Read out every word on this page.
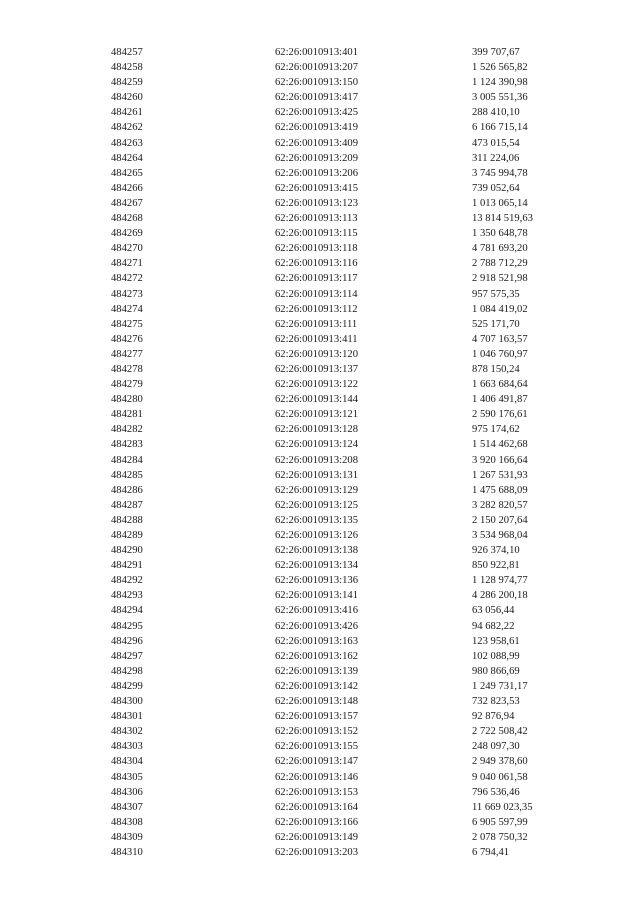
484257	62:26:0010913:401	399 707,67
484258	62:26:0010913:207	1 526 565,82
484259	62:26:0010913:150	1 124 390,98
484260	62:26:0010913:417	3 005 551,36
484261	62:26:0010913:425	288 410,10
484262	62:26:0010913:419	6 166 715,14
484263	62:26:0010913:409	473 015,54
484264	62:26:0010913:209	311 224,06
484265	62:26:0010913:206	3 745 994,78
484266	62:26:0010913:415	739 052,64
484267	62:26:0010913:123	1 013 065,14
484268	62:26:0010913:113	13 814 519,63
484269	62:26:0010913:115	1 350 648,78
484270	62:26:0010913:118	4 781 693,20
484271	62:26:0010913:116	2 788 712,29
484272	62:26:0010913:117	2 918 521,98
484273	62:26:0010913:114	957 575,35
484274	62:26:0010913:112	1 084 419,02
484275	62:26:0010913:111	525 171,70
484276	62:26:0010913:411	4 707 163,57
484277	62:26:0010913:120	1 046 760,97
484278	62:26:0010913:137	878 150,24
484279	62:26:0010913:122	1 663 684,64
484280	62:26:0010913:144	1 406 491,87
484281	62:26:0010913:121	2 590 176,61
484282	62:26:0010913:128	975 174,62
484283	62:26:0010913:124	1 514 462,68
484284	62:26:0010913:208	3 920 166,64
484285	62:26:0010913:131	1 267 531,93
484286	62:26:0010913:129	1 475 688,09
484287	62:26:0010913:125	3 282 820,57
484288	62:26:0010913:135	2 150 207,64
484289	62:26:0010913:126	3 534 968,04
484290	62:26:0010913:138	926 374,10
484291	62:26:0010913:134	850 922,81
484292	62:26:0010913:136	1 128 974,77
484293	62:26:0010913:141	4 286 200,18
484294	62:26:0010913:416	63 056,44
484295	62:26:0010913:426	94 682,22
484296	62:26:0010913:163	123 958,61
484297	62:26:0010913:162	102 088,99
484298	62:26:0010913:139	980 866,69
484299	62:26:0010913:142	1 249 731,17
484300	62:26:0010913:148	732 823,53
484301	62:26:0010913:157	92 876,94
484302	62:26:0010913:152	2 722 508,42
484303	62:26:0010913:155	248 097,30
484304	62:26:0010913:147	2 949 378,60
484305	62:26:0010913:146	9 040 061,58
484306	62:26:0010913:153	796 536,46
484307	62:26:0010913:164	11 669 023,35
484308	62:26:0010913:166	6 905 597,99
484309	62:26:0010913:149	2 078 750,32
484310	62:26:0010913:203	6 794,41
